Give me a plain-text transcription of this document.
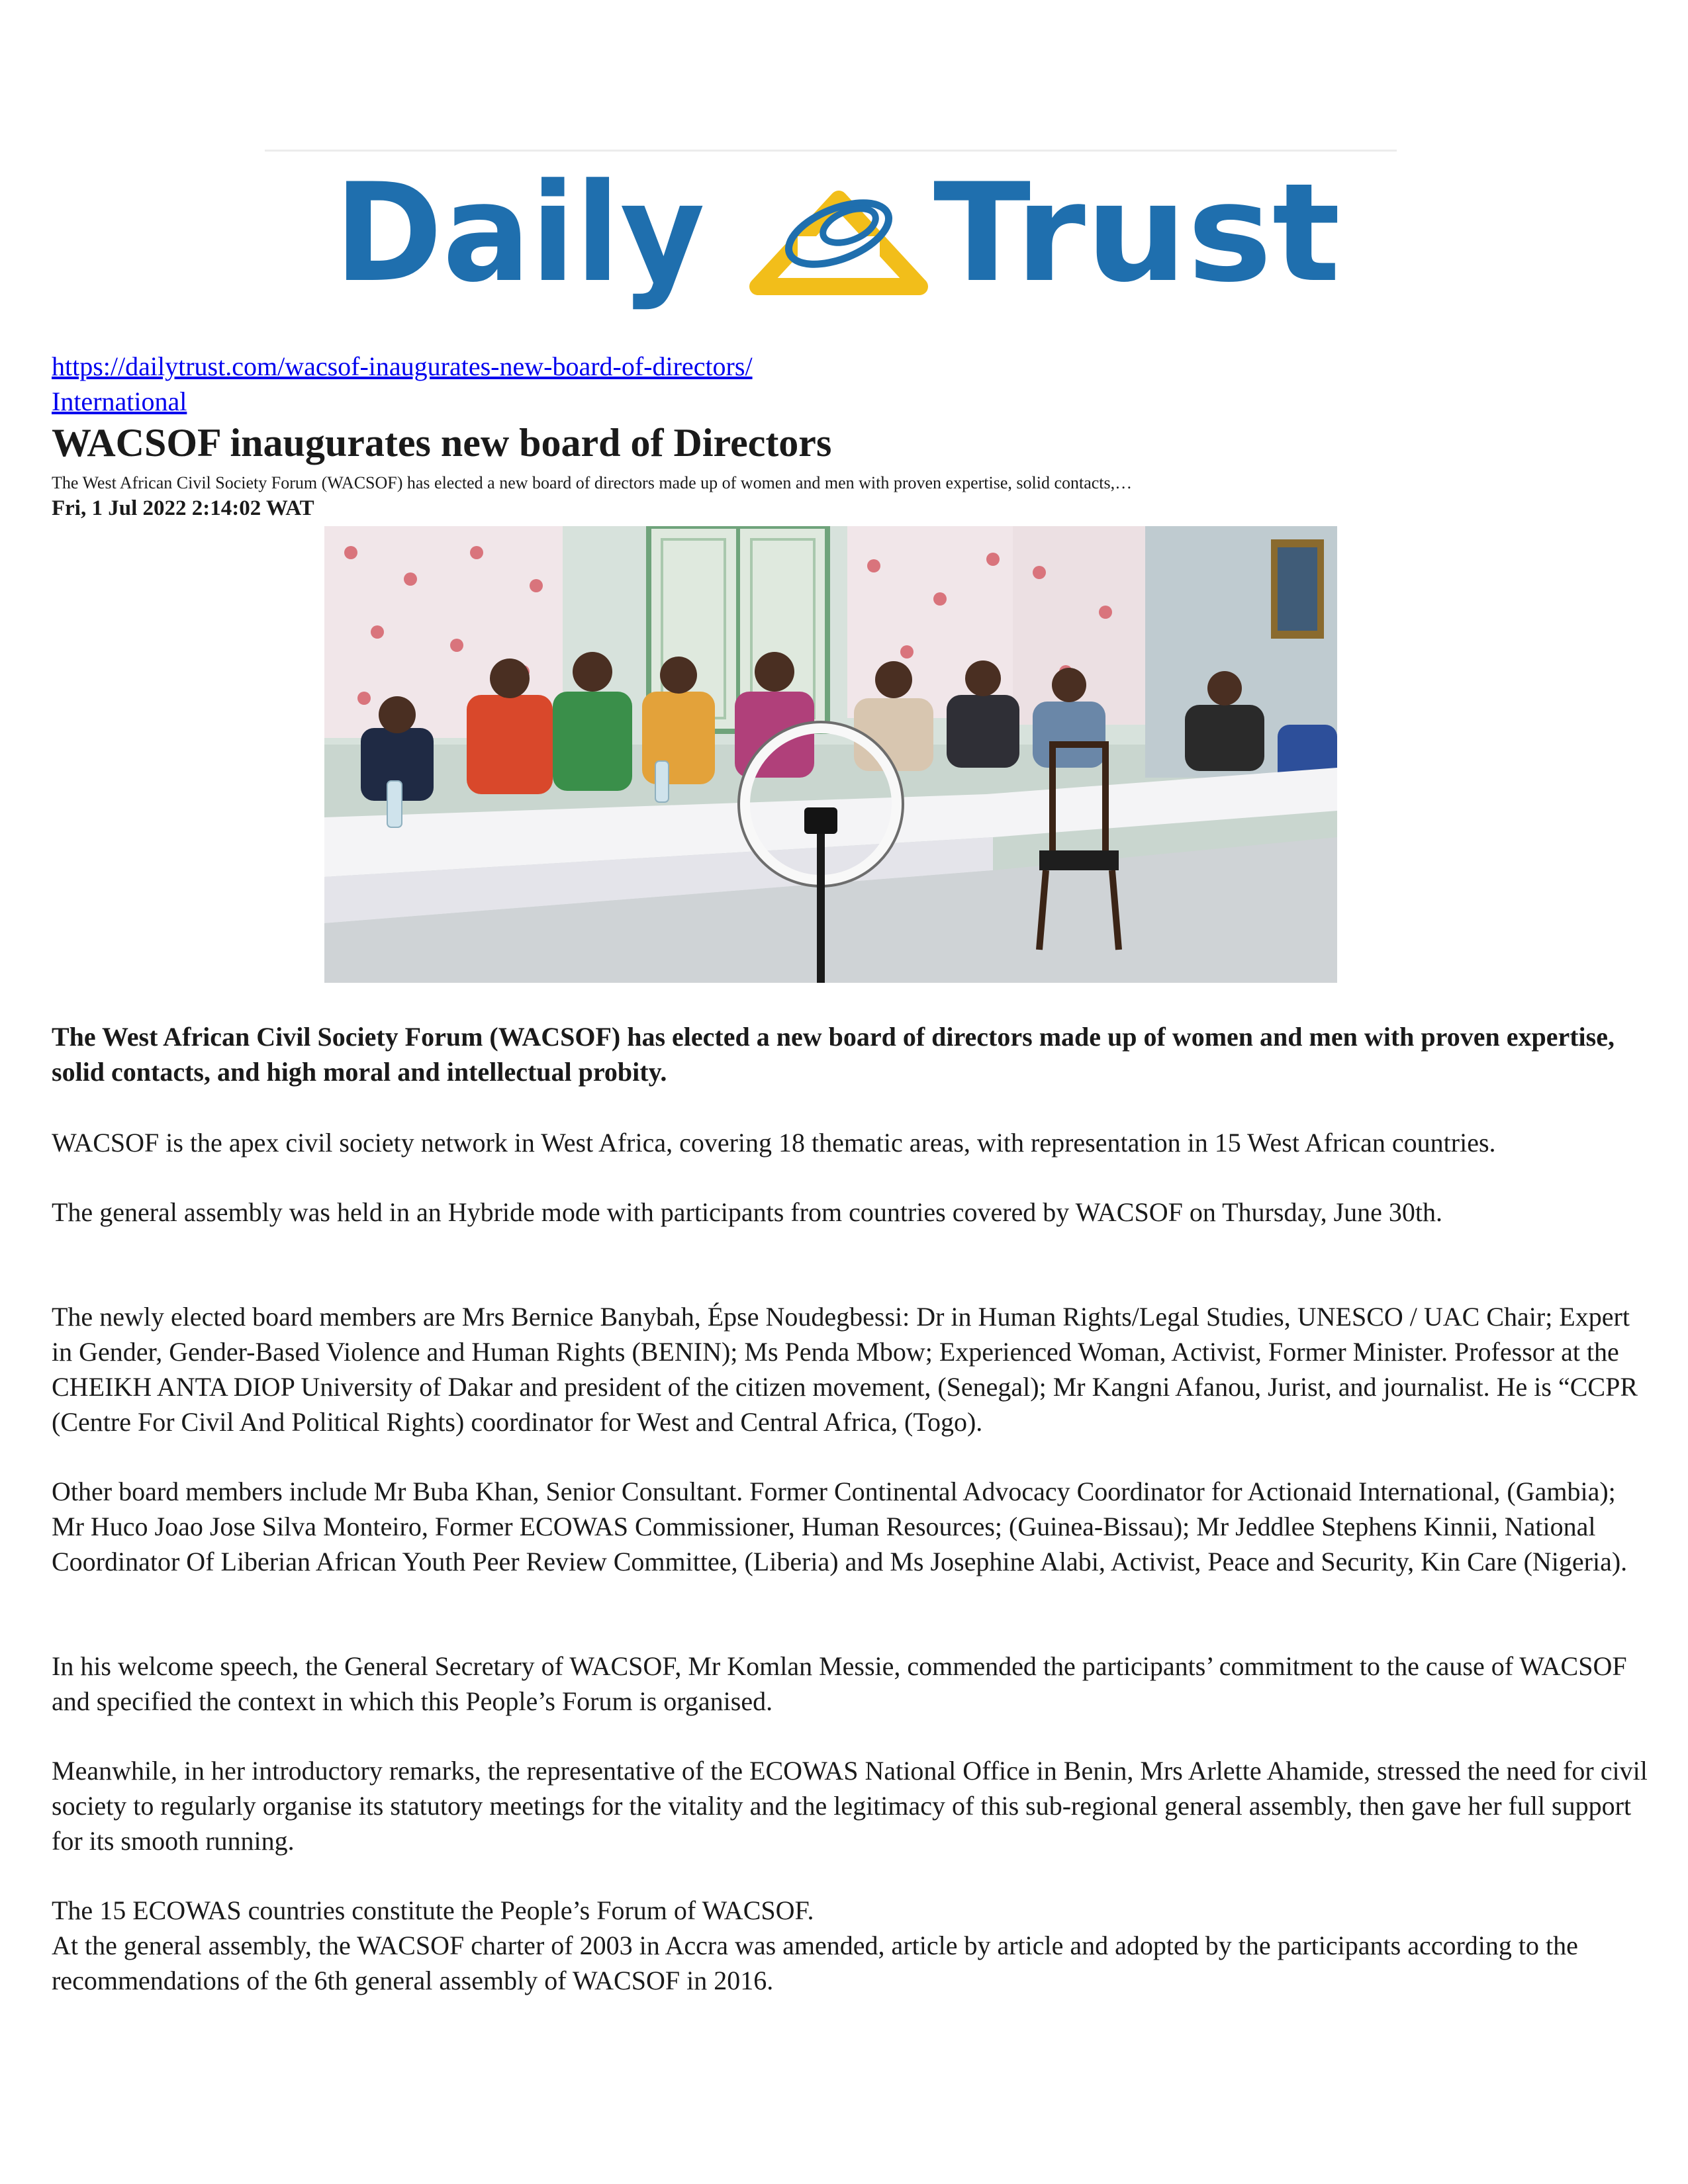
Daily Trust
https://dailytrust.com/wacsof-inaugurates-new-board-of-directors/
International
WACSOF inaugurates new board of Directors
The West African Civil Society Forum (WACSOF) has elected a new board of directors made up of women and men with proven expertise, solid contacts,…
Fri, 1 Jul 2022 2:14:02 WAT

The West African Civil Society Forum (WACSOF) has elected a new board of directors made up of women and men with proven expertise, solid contacts, and high moral and intellectual probity.

WACSOF is the apex civil society network in West Africa, covering 18 thematic areas, with representation in 15 West African countries.

The general assembly was held in an Hybride mode with participants from countries covered by WACSOF on Thursday, June 30th.

The newly elected board members are Mrs Bernice Banybah, Épse Noudegbessi: Dr in Human Rights/Legal Studies, UNESCO / UAC Chair; Expert in Gender, Gender-Based Violence and Human Rights (BENIN); Ms Penda Mbow; Experienced Woman, Activist, Former Minister. Professor at the CHEIKH ANTA DIOP University of Dakar and president of the citizen movement, (Senegal); Mr Kangni Afanou, Jurist, and journalist. He is “CCPR (Centre For Civil And Political Rights) coordinator for West and Central Africa, (Togo).

Other board members include Mr Buba Khan, Senior Consultant. Former Continental Advocacy Coordinator for Actionaid International, (Gambia); Mr Huco Joao Jose Silva Monteiro, Former ECOWAS Commissioner, Human Resources; (Guinea-Bissau); Mr Jeddlee Stephens Kinnii, National Coordinator Of Liberian African Youth Peer Review Committee, (Liberia) and Ms Josephine Alabi, Activist, Peace and Security, Kin Care (Nigeria).

In his welcome speech, the General Secretary of WACSOF, Mr Komlan Messie, commended the participants’ commitment to the cause of WACSOF and specified the context in which this People’s Forum is organised.

Meanwhile, in her introductory remarks, the representative of the ECOWAS National Office in Benin, Mrs Arlette Ahamide, stressed the need for civil society to regularly organise its statutory meetings for the vitality and the legitimacy of this sub-regional general assembly, then gave her full support for its smooth running.

The 15 ECOWAS countries constitute the People’s Forum of WACSOF.

At the general assembly, the WACSOF charter of 2003 in Accra was amended, article by article and adopted by the participants according to the recommendations of the 6th general assembly of WACSOF in 2016.
